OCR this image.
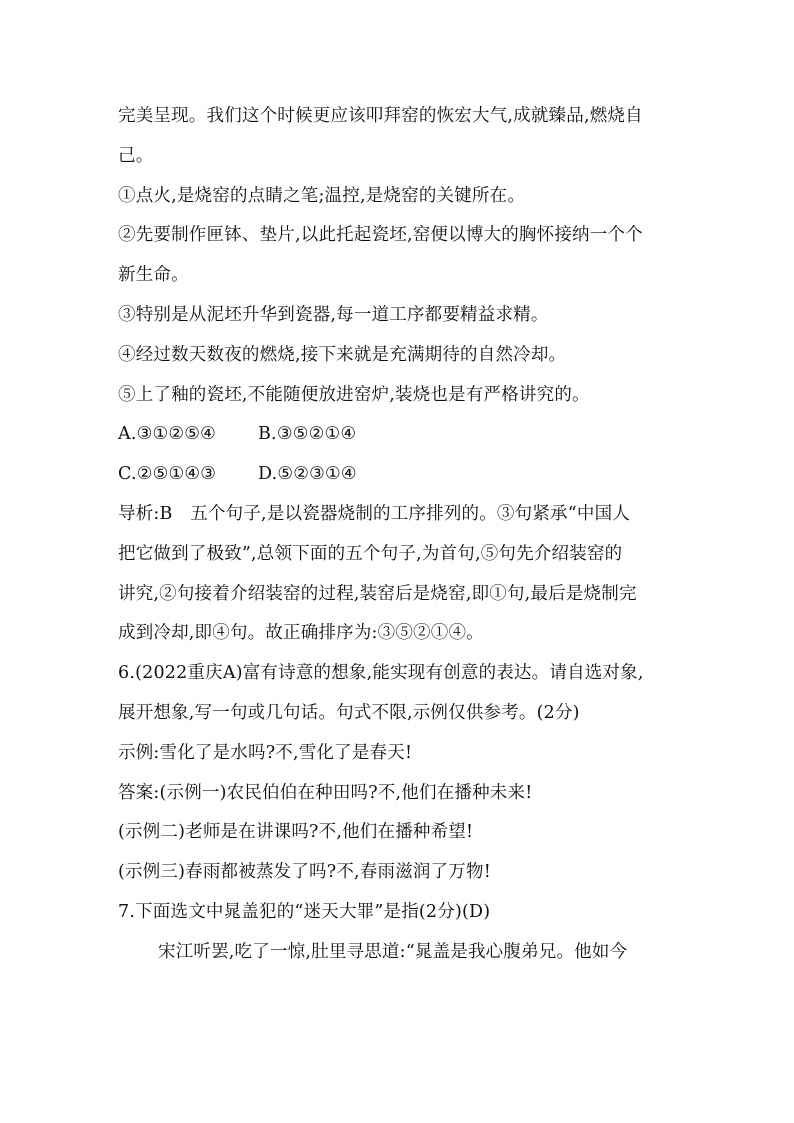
完美呈现。我们这个时候更应该叩拜窑的恢宏大气,成就臻品,燃烧自
己。
①点火,是烧窑的点睛之笔;温控,是烧窑的关键所在。
②先要制作匣钵、垫片,以此托起瓷坯,窑便以博大的胸怀接纳一个个
新生命。
③特别是从泥坯升华到瓷器,每一道工序都要精益求精。
④经过数天数夜的燃烧,接下来就是充满期待的自然冷却。
⑤上了釉的瓷坯,不能随便放进窑炉,装烧也是有严格讲究的。
A.③①②⑤④ B.③⑤②①④
C.②⑤①④③ D.⑤②③①④
导析:B　五个句子,是以瓷器烧制的工序排列的。③句紧承“中国人
把它做到了极致”,总领下面的五个句子,为首句,⑤句先介绍装窑的
讲究,②句接着介绍装窑的过程,装窑后是烧窑,即①句,最后是烧制完
成到冷却,即④句。故正确排序为:③⑤②①④。
6.(2022重庆A)富有诗意的想象,能实现有创意的表达。请自选对象,
展开想象,写一句或几句话。句式不限,示例仅供参考。(2分)
示例:雪化了是水吗?不,雪化了是春天!
答案:(示例一)农民伯伯在种田吗?不,他们在播种未来!
(示例二)老师是在讲课吗?不,他们在播种希望!
(示例三)春雨都被蒸发了吗?不,春雨滋润了万物!
7.下面选文中晁盖犯的“迷天大罪”是指(2分)(D)
宋江听罢,吃了一惊,肚里寻思道:“晁盖是我心腹弟兄。他如今
